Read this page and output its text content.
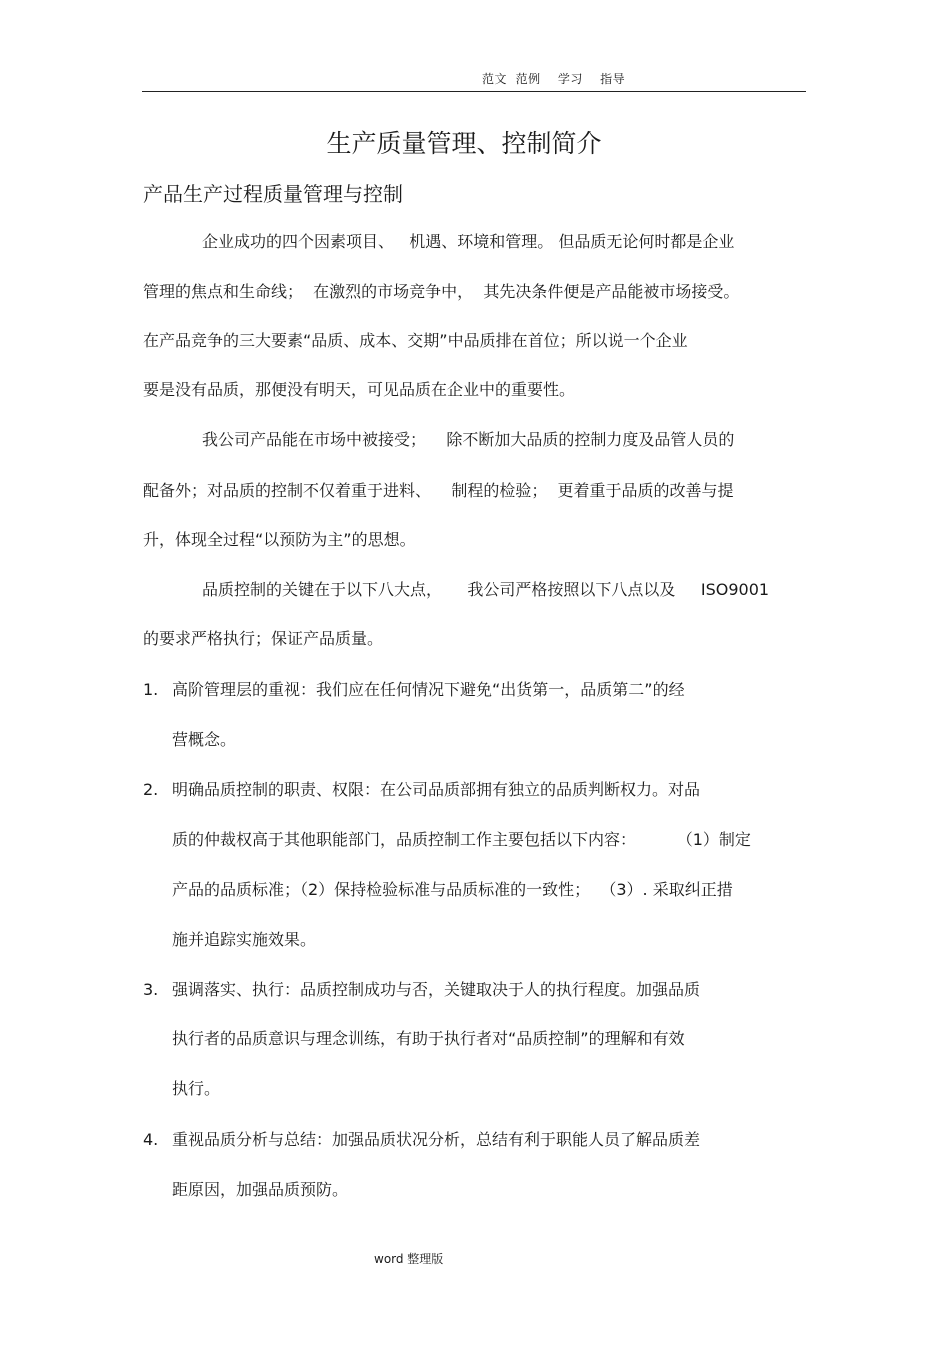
范文  范例    学习    指导
生产质量管理、控制简介
产品生产过程质量管理与控制
企业成功的四个因素项目、   机遇、环境和管理。 但品质无论何时都是企业
管理的焦点和生命线；  在激烈的市场竞争中，  其先决条件便是产品能被市场接受。
在产品竞争的三大要素“品质、成本、交期”中品质排在首位；所以说一个企业
要是没有品质，那便没有明天，可见品质在企业中的重要性。
我公司产品能在市场中被接受；    除不断加大品质的控制力度及品管人员的
配备外；对品质的控制不仅着重于进料、    制程的检验；  更着重于品质的改善与提
升，体现全过程“以预防为主”的思想。
品质控制的关键在于以下八大点，     我公司严格按照以下八点以及     ISO9001
的要求严格执行；保证产品质量。
1. 高阶管理层的重视：我们应在任何情况下避免“出货第一，品质第二”的经
营概念。
2. 明确品质控制的职责、权限：在公司品质部拥有独立的品质判断权力。对品
质的仲裁权高于其他职能部门，品质控制工作主要包括以下内容：        （1）制定
产品的品质标准；（2）保持检验标准与品质标准的一致性；  （3）. 采取纠正措
施并追踪实施效果。
3. 强调落实、执行：品质控制成功与否，关键取决于人的执行程度。加强品质
执行者的品质意识与理念训练，有助于执行者对“品质控制”的理解和有效
执行。
4. 重视品质分析与总结：加强品质状况分析，总结有利于职能人员了解品质差
距原因，加强品质预防。
word 整理版
